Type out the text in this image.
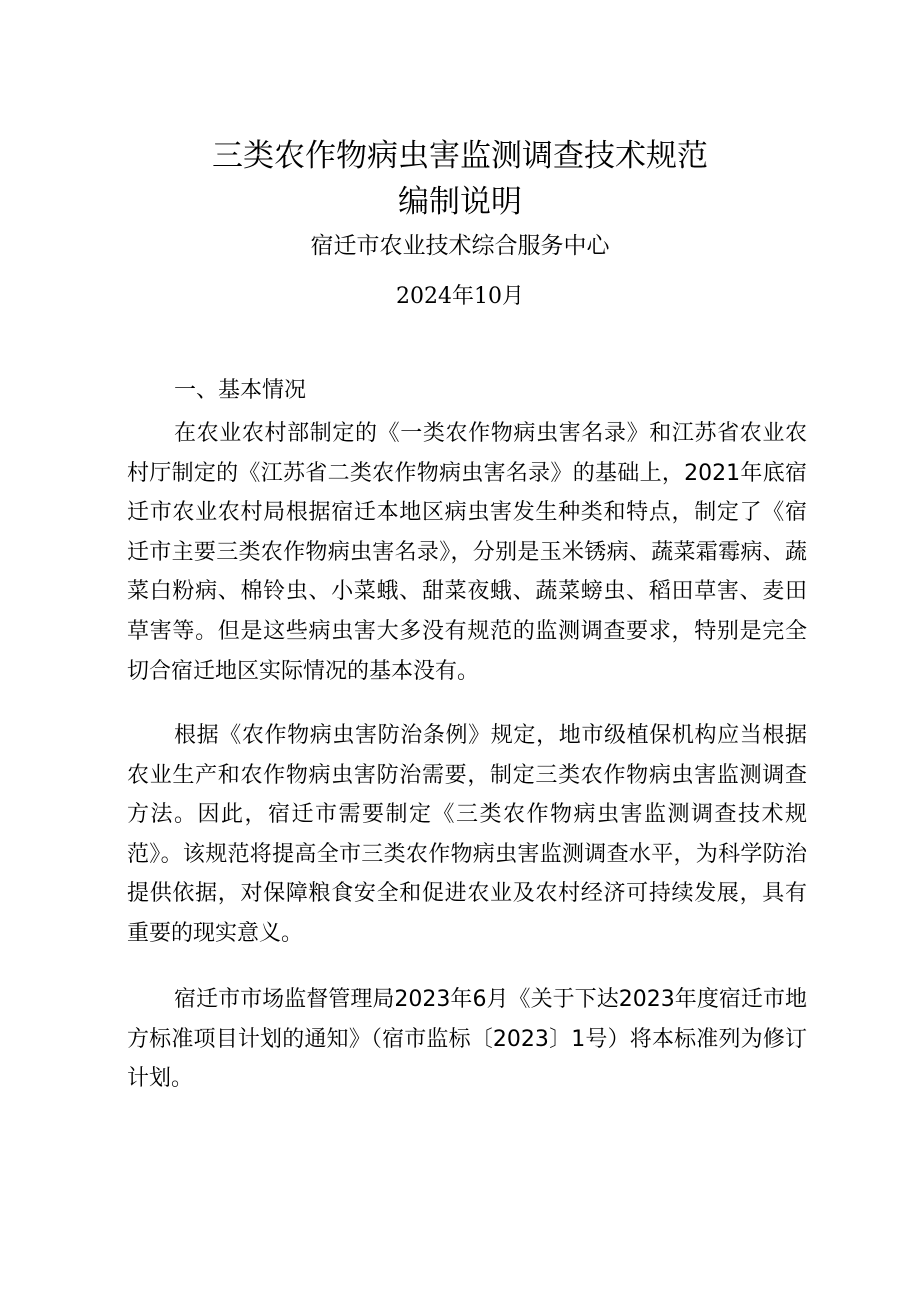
三类农作物病虫害监测调查技术规范
编制说明
宿迁市农业技术综合服务中心
2024年10月
一、基本情况

在农业农村部制定的《一类农作物病虫害名录》和江苏省农业农村厅制定的《江苏省二类农作物病虫害名录》的基础上，2021年底宿迁市农业农村局根据宿迁本地区病虫害发生种类和特点，制定了《宿迁市主要三类农作物病虫害名录》，分别是玉米锈病、蔬菜霜霉病、蔬菜白粉病、棉铃虫、小菜蛾、甜菜夜蛾、蔬菜螃虫、稻田草害、麦田草害等。但是这些病虫害大多没有规范的监测调查要求，特别是完全切合宿迁地区实际情况的基本没有。

根据《农作物病虫害防治条例》规定，地市级植保机构应当根据农业生产和农作物病虫害防治需要，制定三类农作物病虫害监测调查方法。因此，宿迁市需要制定《三类农作物病虫害监测调查技术规范》。该规范将提高全市三类农作物病虫害监测调查水平，为科学防治提供依据，对保障粮食安全和促进农业及农村经济可持续发展，具有重要的现实意义。

宿迁市市场监督管理局2023年6月《关于下达2023年度宿迁市地方标准项目计划的通知》（宿市监标〔2023〕1号）将本标准列为修订计划。
